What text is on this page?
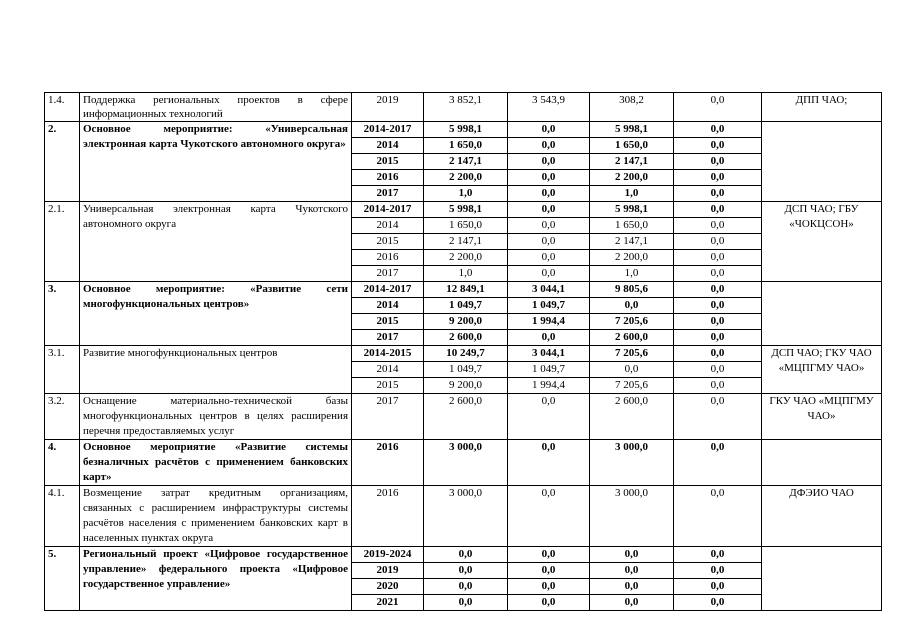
1.4.	Поддержка региональных проектов в сфере информационных технологий	2019	3 852,1	3 543,9	308,2	0,0	ДПП ЧАО;
2.	Основное мероприятие: «Универсальная электронная карта Чукотского автономного округа»	2014-2017	5 998,1	0,0	5 998,1	0,0	
		2014	1 650,0	0,0	1 650,0	0,0	
		2015	2 147,1	0,0	2 147,1	0,0	
		2016	2 200,0	0,0	2 200,0	0,0	
		2017	1,0	0,0	1,0	0,0	
2.1.	Универсальная электронная карта Чукотского автономного округа	2014-2017	5 998,1	0,0	5 998,1	0,0	ДСП ЧАО; ГБУ «ЧОКЦСОН»
		2014	1 650,0	0,0	1 650,0	0,0	
		2015	2 147,1	0,0	2 147,1	0,0	
		2016	2 200,0	0,0	2 200,0	0,0	
		2017	1,0	0,0	1,0	0,0	
3.	Основное мероприятие: «Развитие сети многофункциональных центров»	2014-2017	12 849,1	3 044,1	9 805,6	0,0	
		2014	1 049,7	1 049,7	0,0	0,0	
		2015	9 200,0	1 994,4	7 205,6	0,0	
		2017	2 600,0	0,0	2 600,0	0,0	
3.1.	Развитие многофункциональных центров	2014-2015	10 249,7	3 044,1	7 205,6	0,0	ДСП ЧАО; ГКУ ЧАО «МЦПГМУ ЧАО»
		2014	1 049,7	1 049,7	0,0	0,0	
		2015	9 200,0	1 994,4	7 205,6	0,0	
3.2.	Оснащение материально-технической базы многофункциональных центров в целях расширения перечня предоставляемых услуг	2017	2 600,0	0,0	2 600,0	0,0	ГКУ ЧАО «МЦПГМУ ЧАО»
4.	Основное мероприятие «Развитие системы безналичных расчётов с применением банковских карт»	2016	3 000,0	0,0	3 000,0	0,0	
4.1.	Возмещение затрат кредитным организациям, связанных с расширением инфраструктуры системы расчётов населения с применением банковских карт в населенных пунктах округа	2016	3 000,0	0,0	3 000,0	0,0	ДФЭИО ЧАО
5.	Региональный проект «Цифровое государственное управление» федерального проекта «Цифровое государственное управление»	2019-2024	0,0	0,0	0,0	0,0	
		2019	0,0	0,0	0,0	0,0	
		2020	0,0	0,0	0,0	0,0	
		2021	0,0	0,0	0,0	0,0	
